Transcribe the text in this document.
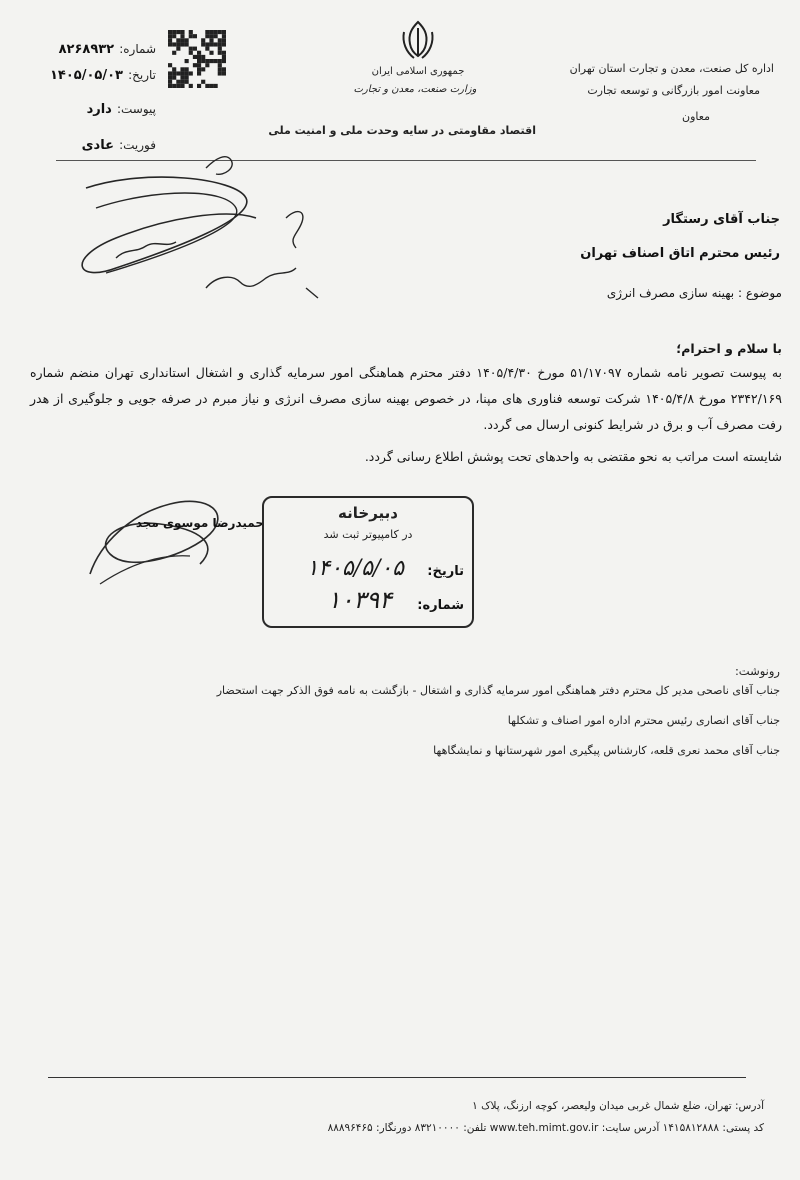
شماره: ۸۲۶۸۹۳۲
تاریخ: ۱۴۰۵/۰۵/۰۳
پیوست: دارد
فوریت: عادی
جمهوری اسلامی ایران
وزارت صنعت، معدن و تجارت
اقتصاد مقاومتی در سایه وحدت ملی و امنیت ملی
اداره کل صنعت، معدن و تجارت استان تهران
معاونت امور بازرگانی و توسعه تجارت
معاون
جناب آقای رستگار
رئیس محترم اتاق اصناف تهران
موضوع : بهینه سازی مصرف انرژی
با سلام و احترام؛
به پیوست تصویر نامه شماره ۵۱/۱۷۰۹۷ مورخ ۱۴۰۵/۴/۳۰ دفتر محترم هماهنگی امور سرمایه گذاری و اشتغال استانداری تهران منضم شماره ۲۳۴۲/۱۶۹ مورخ ۱۴۰۵/۴/۸ شرکت توسعه فناوری های مپنا، در خصوص بهینه سازی مصرف انرژی و نیاز مبرم در صرفه جویی و جلوگیری از هدر رفت مصرف آب و برق در شرایط کنونی ارسال می گردد.
شایسته است مراتب به نحو مقتضی به واحدهای تحت پوشش اطلاع رسانی گردد.
حمیدرضا موسوی مجد
دبیرخانه
در کامپیوتر ثبت شد
تاریخ:
۱۴۰۵/۵/۰۵
شماره:
۱۰۳۹۴
رونوشت:
جناب آقای ناصحی مدیر کل محترم دفتر هماهنگی امور سرمایه گذاری و اشتغال - بازگشت به نامه فوق الذکر جهت استحضار
جناب آقای انصاری رئیس محترم اداره امور اصناف و تشکلها
جناب آقای محمد نعری قلعه، کارشناس پیگیری امور شهرستانها و نمایشگاهها
آدرس: تهران، ضلع شمال غربی میدان ولیعصر، کوچه ارزنگ، پلاک ۱
کد پستی: ۱۴۱۵۸۱۲۸۸۸ آدرس سایت: www.teh.mimt.gov.ir تلفن: ۸۳۲۱۰۰۰۰ دورنگار: ۸۸۸۹۶۴۶۵
